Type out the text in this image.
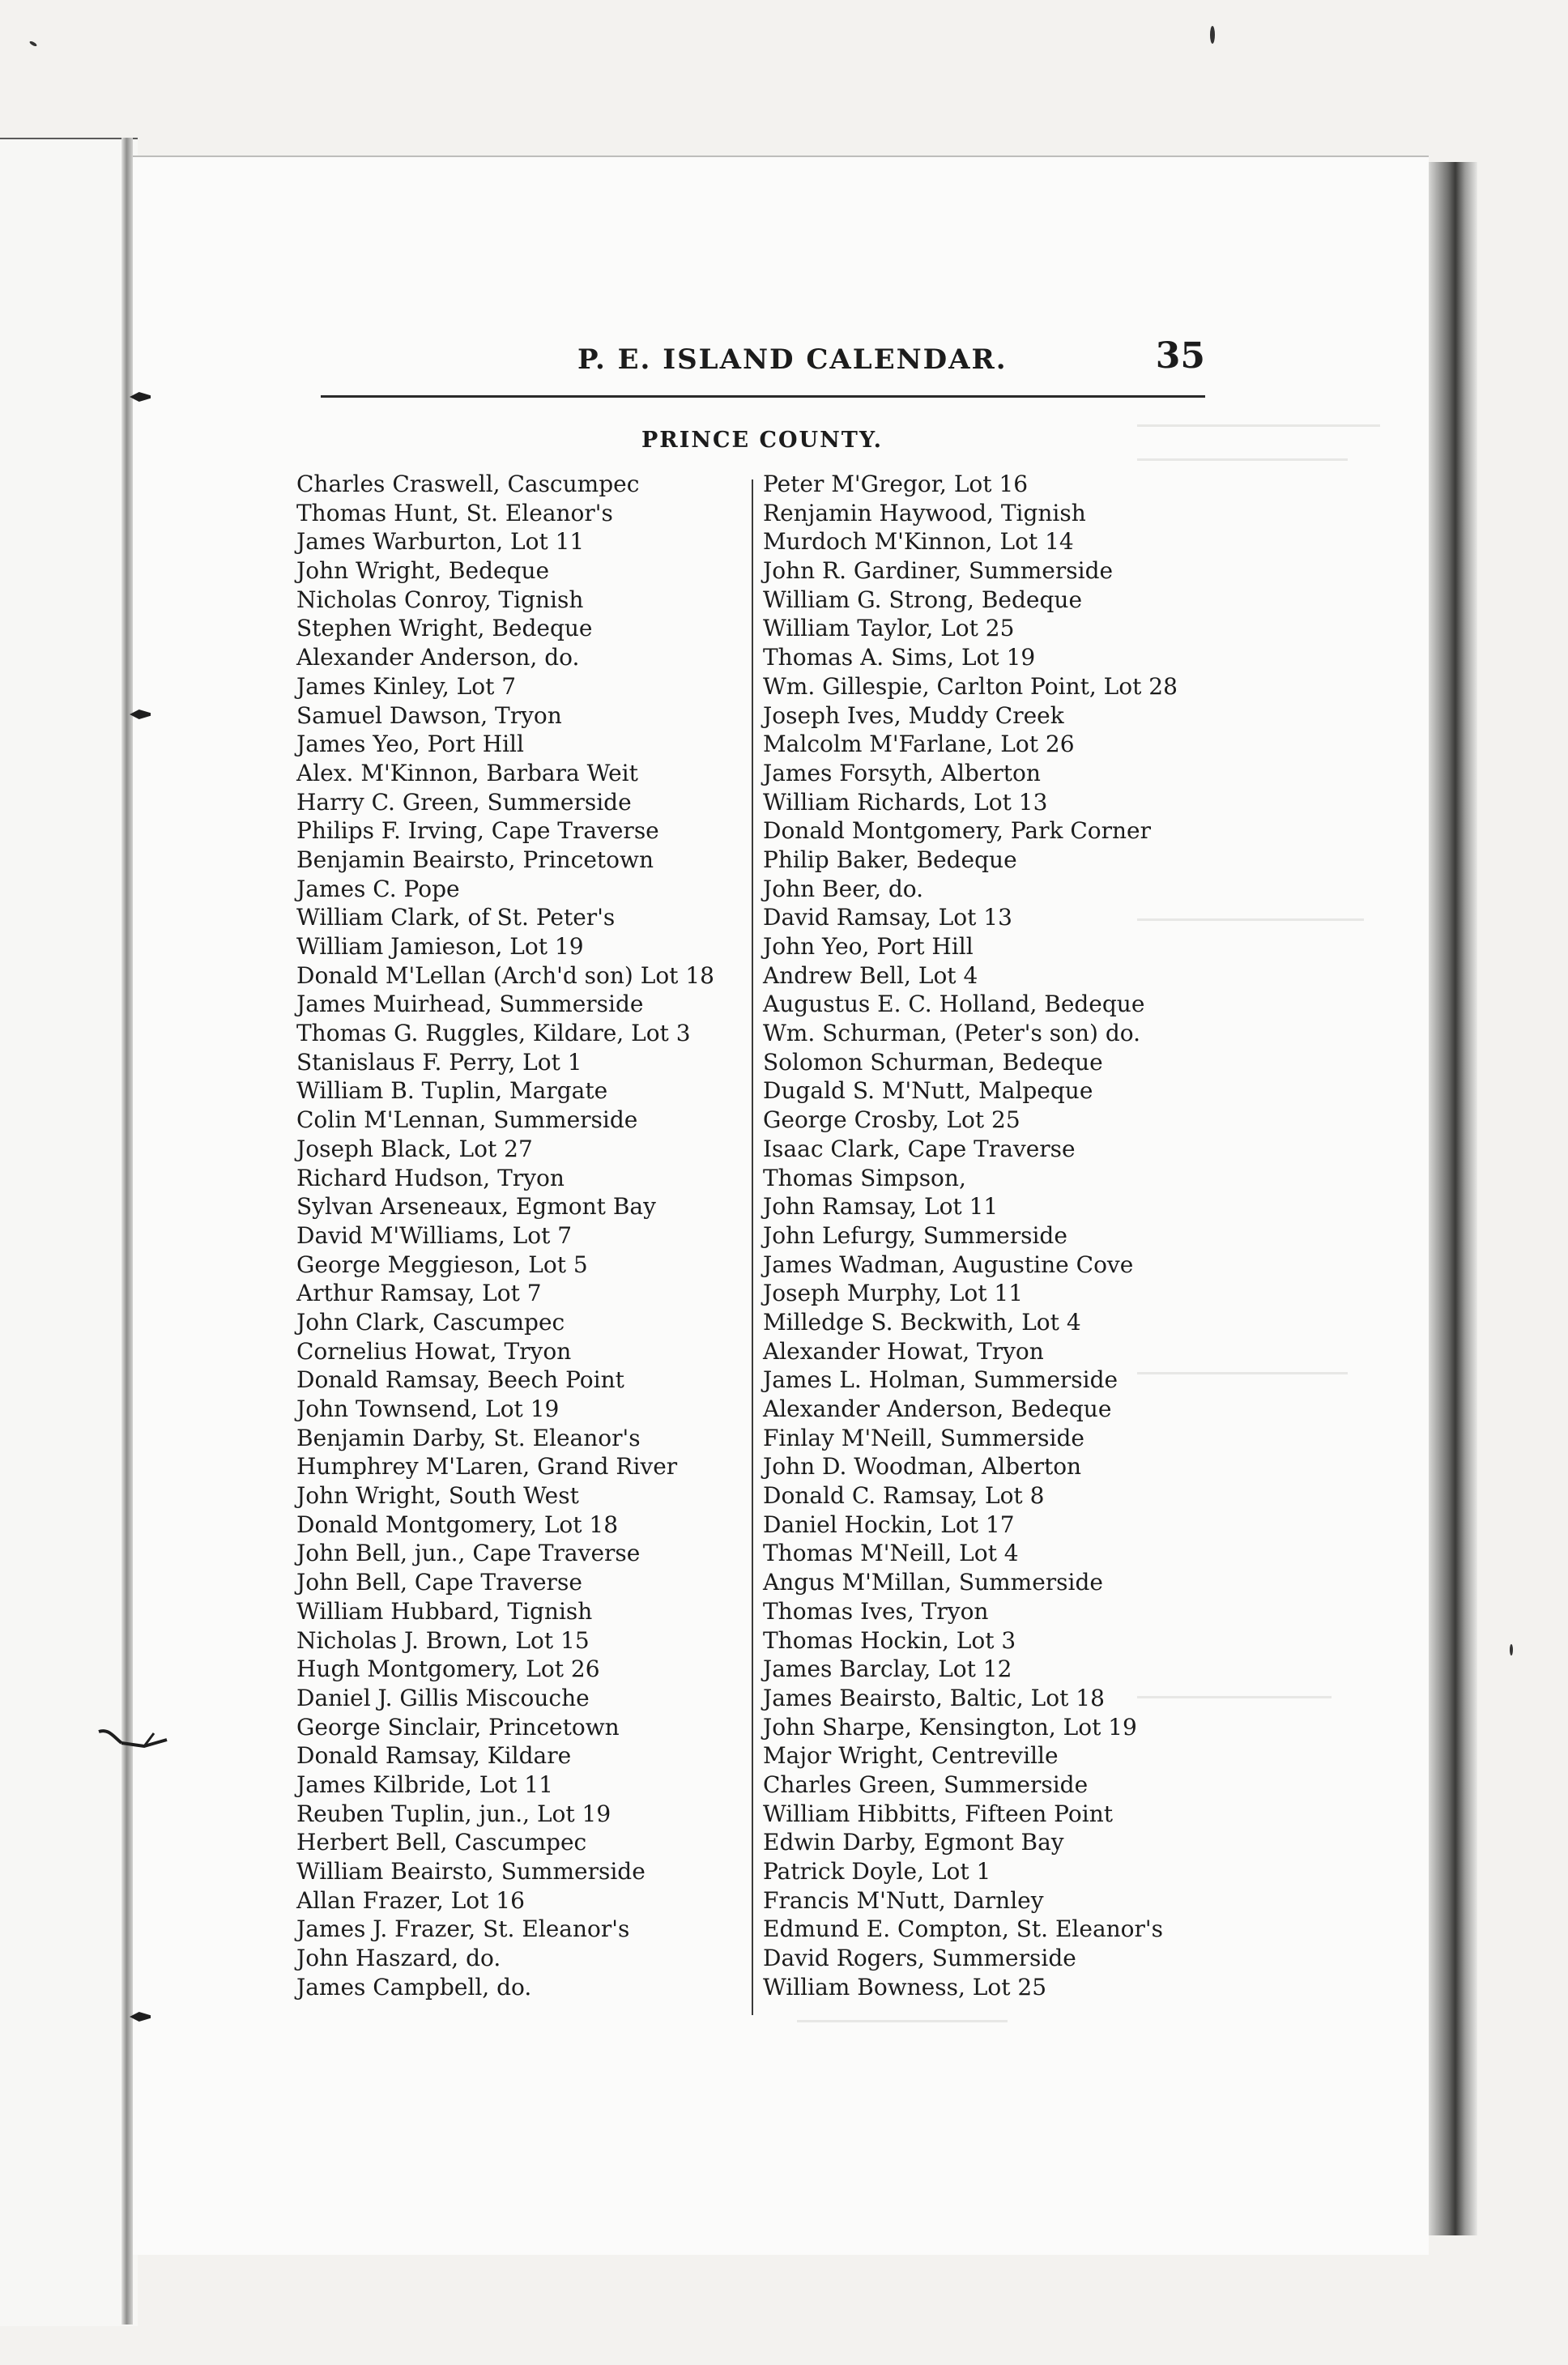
P. E. ISLAND CALENDAR.	35
PRINCE COUNTY.
Charles Craswell, Cascumpec
Thomas Hunt, St. Eleanor's
James Warburton, Lot 11
John Wright, Bedeque
Nicholas Conroy, Tignish
Stephen Wright, Bedeque
Alexander Anderson, do.
James Kinley, Lot 7
Samuel Dawson, Tryon
James Yeo, Port Hill
Alex. M'Kinnon, Barbara Weit
Harry C. Green, Summerside
Philips F. Irving, Cape Traverse
Benjamin Beairsto, Princetown
James C. Pope
William Clark, of St. Peter's
William Jamieson, Lot 19
Donald M'Lellan (Arch'd son) Lot 18
James Muirhead, Summerside
Thomas G. Ruggles, Kildare, Lot 3
Stanislaus F. Perry, Lot 1
William B. Tuplin, Margate
Colin M'Lennan, Summerside
Joseph Black, Lot 27
Richard Hudson, Tryon
Sylvan Arseneaux, Egmont Bay
David M'Williams, Lot 7
George Meggieson, Lot 5
Arthur Ramsay, Lot 7
John Clark, Cascumpec
Cornelius Howat, Tryon
Donald Ramsay, Beech Point
John Townsend, Lot 19
Benjamin Darby, St. Eleanor's
Humphrey M'Laren, Grand River
John Wright, South West
Donald Montgomery, Lot 18
John Bell, jun., Cape Traverse
John Bell, Cape Traverse
William Hubbard, Tignish
Nicholas J. Brown, Lot 15
Hugh Montgomery, Lot 26
Daniel J. Gillis Miscouche
George Sinclair, Princetown
Donald Ramsay, Kildare
James Kilbride, Lot 11
Reuben Tuplin, jun., Lot 19
Herbert Bell, Cascumpec
William Beairsto, Summerside
Allan Frazer, Lot 16
James J. Frazer, St. Eleanor's
John Haszard, do.
James Campbell, do.
Peter M'Gregor, Lot 16
Renjamin Haywood, Tignish
Murdoch M'Kinnon, Lot 14
John R. Gardiner, Summerside
William G. Strong, Bedeque
William Taylor, Lot 25
Thomas A. Sims, Lot 19
Wm. Gillespie, Carlton Point, Lot 28
Joseph Ives, Muddy Creek
Malcolm M'Farlane, Lot 26
James Forsyth, Alberton
William Richards, Lot 13
Donald Montgomery, Park Corner
Philip Baker, Bedeque
John Beer, do.
David Ramsay, Lot 13
John Yeo, Port Hill
Andrew Bell, Lot 4
Augustus E. C. Holland, Bedeque
Wm. Schurman, (Peter's son) do.
Solomon Schurman, Bedeque
Dugald S. M'Nutt, Malpeque
George Crosby, Lot 25
Isaac Clark, Cape Traverse
Thomas Simpson,
John Ramsay, Lot 11
John Lefurgy, Summerside
James Wadman, Augustine Cove
Joseph Murphy, Lot 11
Milledge S. Beckwith, Lot 4
Alexander Howat, Tryon
James L. Holman, Summerside
Alexander Anderson, Bedeque
Finlay M'Neill, Summerside
John D. Woodman, Alberton
Donald C. Ramsay, Lot 8
Daniel Hockin, Lot 17
Thomas M'Neill, Lot 4
Angus M'Millan, Summerside
Thomas Ives, Tryon
Thomas Hockin, Lot 3
James Barclay, Lot 12
James Beairsto, Baltic, Lot 18
John Sharpe, Kensington, Lot 19
Major Wright, Centreville
Charles Green, Summerside
William Hibbitts, Fifteen Point
Edwin Darby, Egmont Bay
Patrick Doyle, Lot 1
Francis M'Nutt, Darnley
Edmund E. Compton, St. Eleanor's
David Rogers, Summerside
William Bowness, Lot 25
